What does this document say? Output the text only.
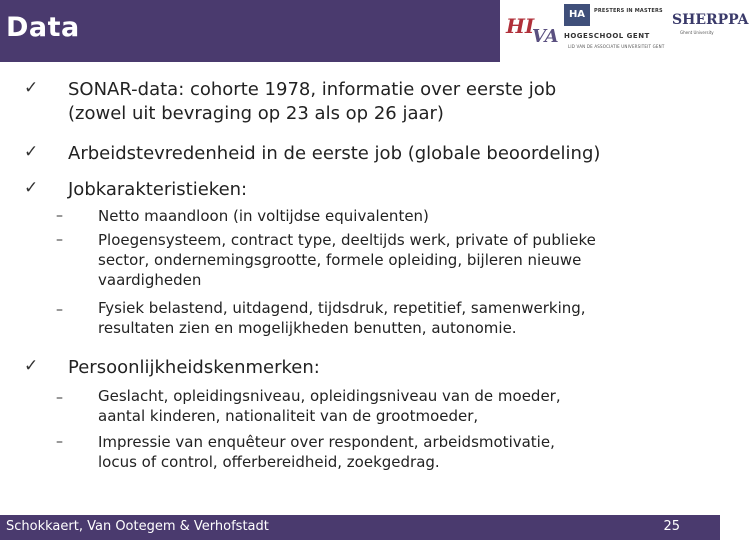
Data	HI
VA
HA	PRESTERS IN MASTERS
HOGESCHOOL GENT
LID VAN DE ASSOCIATIE UNIVERSITEIT GENT
SHERPPA
Ghent University
✓ SONAR-data: cohorte 1978, informatie over eerste job
(zowel uit bevraging op 23 als op 26 jaar)
✓ Arbeidstevredenheid in de eerste job (globale beoordeling)
✓ Jobkarakteristieken:
– Netto maandloon (in voltijdse equivalenten)
– Ploegensysteem, contract type, deeltijds werk, private of publieke
sector, ondernemingsgrootte, formele opleiding, bijleren nieuwe
vaardigheden
– Fysiek belastend, uitdagend, tijdsdruk, repetitief, samenwerking,
resultaten zien en mogelijkheden benutten, autonomie.
✓ Persoonlijkheidskenmerken:
– Geslacht, opleidingsniveau, opleidingsniveau van de moeder,
aantal kinderen, nationaliteit van de grootmoeder,
– Impressie van enquêteur over respondent, arbeidsmotivatie,
locus of control, offerbereidheid, zoekgedrag.
Schokkaert, Van Ootegem & Verhofstadt	25
